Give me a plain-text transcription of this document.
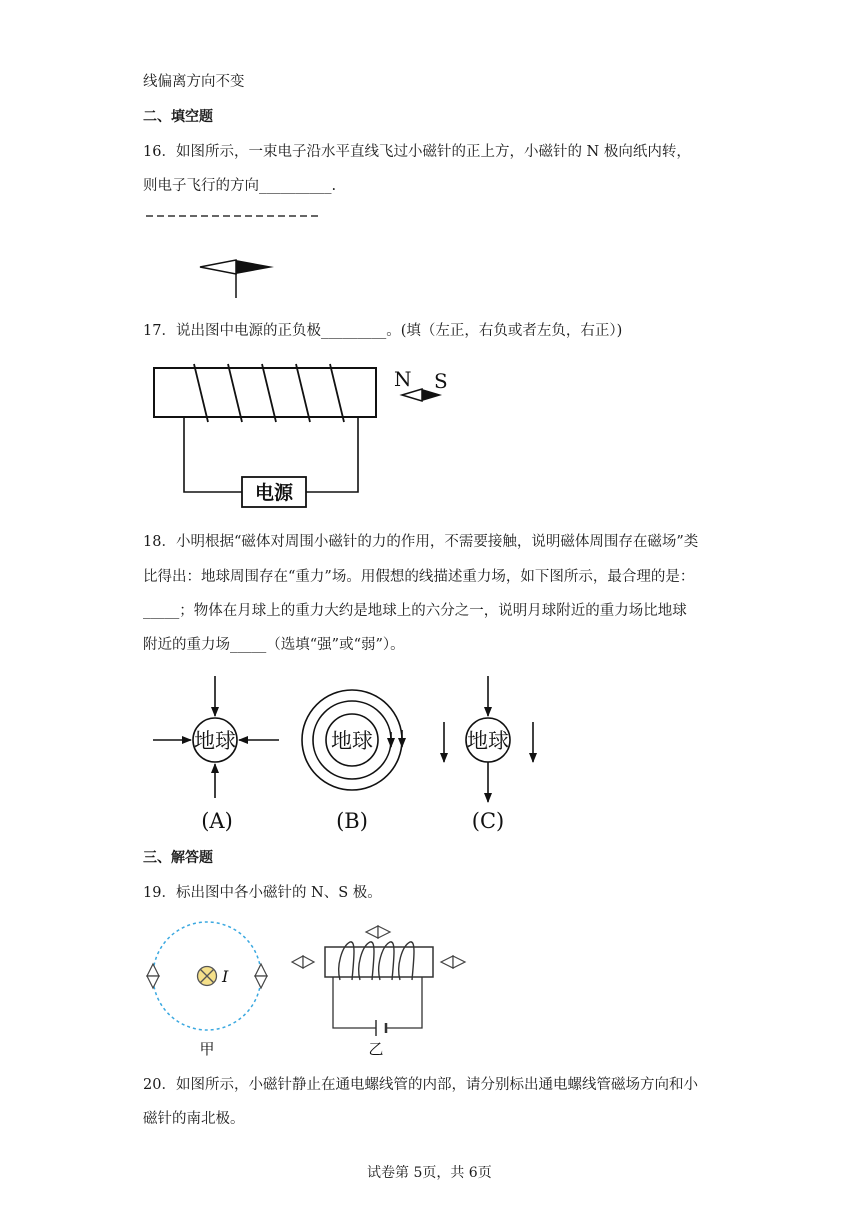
线偏离方向不变
二、填空题
16．如图所示，一束电子沿水平直线飞过小磁针的正上方，小磁针的 N 极向纸内转，
则电子飞行的方向__________.
17．说出图中电源的正负极_________。(填（左正，右负或者左负，右正）)
电源
N S
18．小明根据“磁体对周围小磁针的力的作用，不需要接触，说明磁体周围存在磁场”类
比得出：地球周围存在“重力”场。用假想的线描述重力场，如下图所示，最合理的是：
_____；物体在月球上的重力大约是地球上的六分之一，说明月球附近的重力场比地球
附近的重力场_____（选填“强”或“弱”）。
地球
(A)
地球
(B)
地球
(C)
三、解答题
19．标出图中各小磁针的 N、S 极。
I
甲	乙
20．如图所示，小磁针静止在通电螺线管的内部，请分别标出通电螺线管磁场方向和小
磁针的南北极。
试卷第 5页，共 6页
